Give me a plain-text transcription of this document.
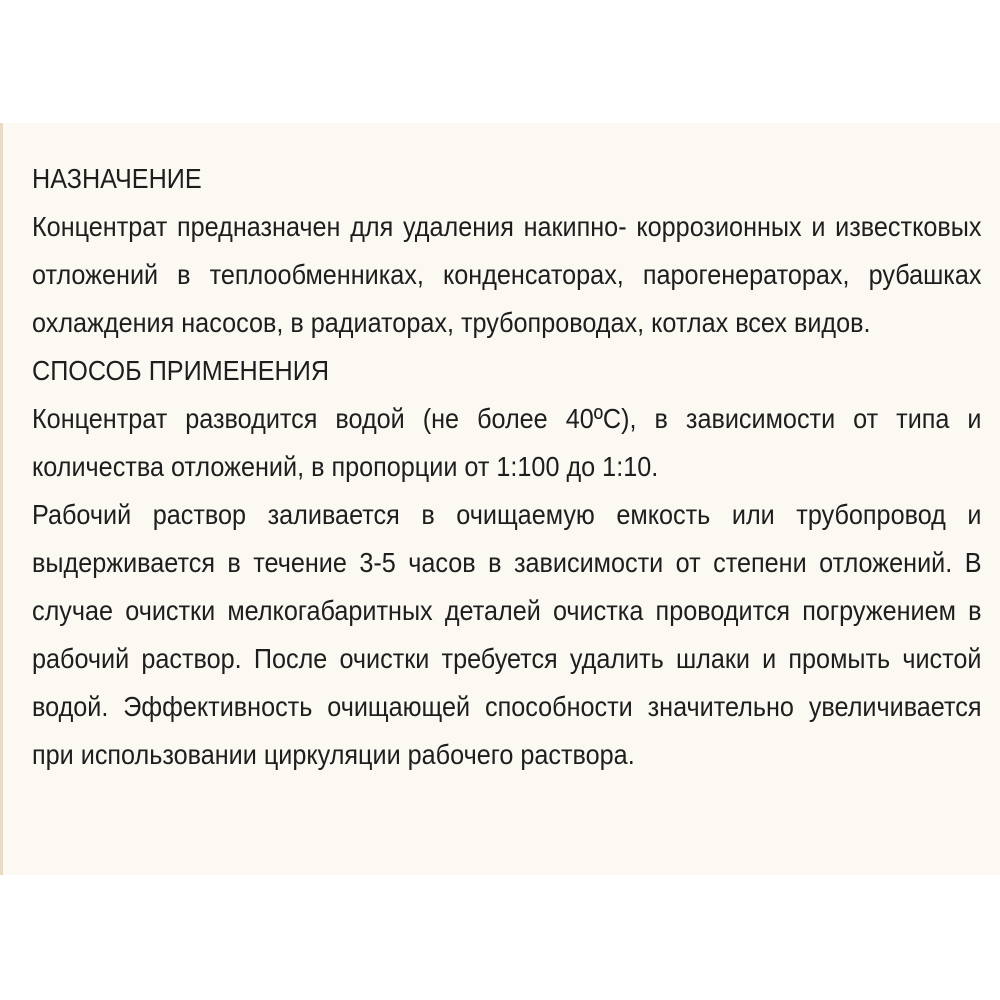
НАЗНАЧЕНИЕ

Концентрат предназначен для удаления накипно- коррозионных и известковых отложений в теплообменниках, конденсаторах, парогенераторах, рубашках охлаждения насосов, в радиаторах, трубопроводах, котлах всех видов.

СПОСОБ ПРИМЕНЕНИЯ

Концентрат разводится водой (не более 40ºС), в зависимости от типа и количества отложений, в пропорции от 1:100 до 1:10.

Рабочий раствор заливается в очищаемую емкость или трубопровод и выдерживается в течение 3-5 часов в зависимости от степени отложений. В случае очистки мелкогабаритных деталей очистка проводится погружением в рабочий раствор. После очистки требуется удалить шлаки и промыть чистой водой. Эффективность очищающей способности значительно увеличивается при использовании циркуляции рабочего раствора.
